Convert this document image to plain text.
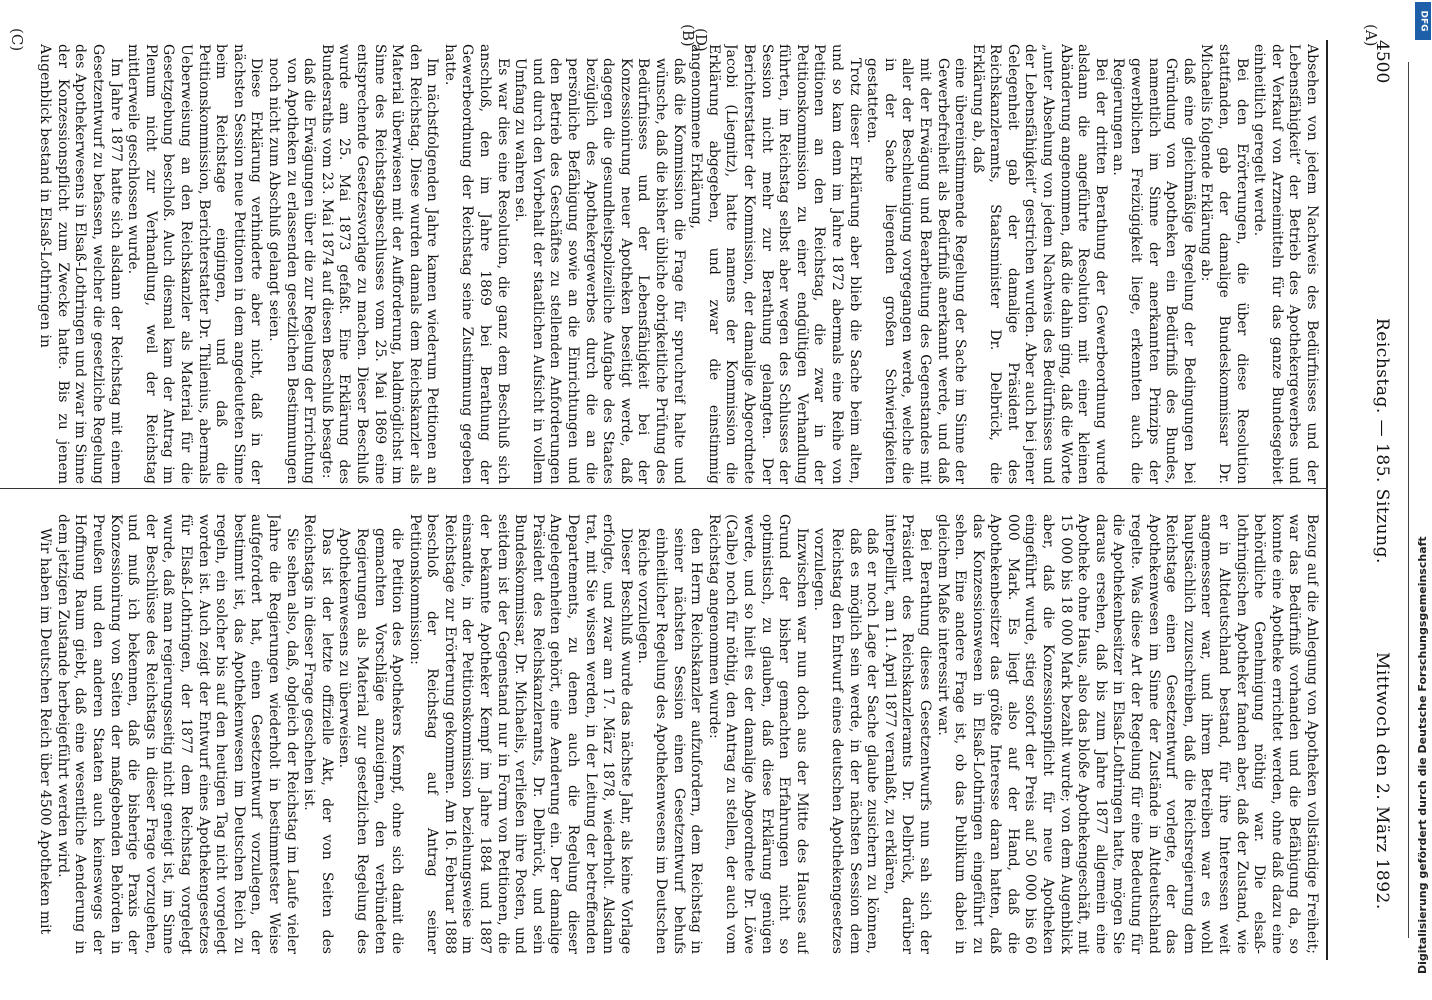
4500
Reichstag. — 185. Sitzung.
Mittwoch den 2. März 1892.
(A)
(B)
(C)	(D)

Absehen von jedem Nachweis des Bedürfnisses und der Lebensfähigkeit“ der Betrieb des Apothekergewerbes und der Verkauf von Arzneimitteln für das ganze Bundesgebiet einheitlich geregelt werde.

Bei den Erörterungen, die über diese Resolution stattfanden, gab der damalige Bundeskommissar Dr. Michaelis folgende Erklärung ab:

daß eine gleichmäßige Regelung der Bedingungen bei Gründung von Apotheken ein Bedürfniß des Bundes, namentlich im Sinne der anerkannten Prinzips der gewerblichen Freizügigkeit liege, erkennten auch die Regierungen an.

Bei der dritten Berathung der Gewerbeordnung wurde alsdann die angeführte Resolution mit einer kleinen Abänderung angenommen, daß die dahin ging, daß die Worte „unter Absehung von jedem Nachweis des Bedürfnisses und der Lebensfähigkeit“ gestrichen wurden. Aber auch bei jener Gelegenheit gab der damalige Präsident des Reichskanzleramts, Staatsminister Dr. Delbrück, die Erklärung ab, daß

eine übereinstimmende Regelung der Sache im Sinne der Gewerbefreiheit als Bedürfniß anerkannt werde, und daß mit der Erwägung und Bearbeitung des Gegenstandes mit aller der Beschleunigung vorgegangen werde, welche die in der Sache liegenden großen Schwierigkeiten gestatteten.

Trotz dieser Erklärung aber blieb die Sache beim alten, und so kam denn im Jahre 1872 abermals eine Reihe von Petitionen an den Reichstag, die zwar in der Petitionskommission zu einer endgültigen Verhandlung führten, im Reichstag selbst aber wegen des Schlusses der Session nicht mehr zur Berathung gelangten. Der Berichterstatter der Kommission, der damalige Abgeordnete Jacobi (Liegnitz), hatte namens der Kommission die Erklärung abgegeben, und zwar die einstimmig angenommene Erklärung,

daß die Kommission die Frage für spruchreif halte und wünsche, daß die bisher übliche obrigkeitliche Prüfung des Bedürfnisses und der Lebensfähigkeit bei der Konzessionirung neuer Apotheken beseitigt werde, daß dagegen die gesundheitspolizeiliche Aufgabe des Staates bezüglich des Apothekergewerbes durch die an die persönliche Befähigung sowie an die Einrichtungen und den Betrieb des Geschäftes zu stellenden Anforderungen und durch den Vorbehalt der staatlichen Aufsicht in vollem Umfang zu wahren sei.

Es war dies eine Resolution, die ganz dem Beschluß sich anschloß, den im Jahre 1869 bei Berathung der Gewerbeordnung der Reichstag seine Zustimmung gegeben hatte.

Im nächstfolgenden Jahre kamen wiederum Petitionen an den Reichstag. Diese wurden damals dem Reichskanzler als Material überwiesen mit der Aufforderung, baldmöglichst im Sinne des Reichstagsbeschlusses vom 25. Mai 1869 eine entsprechende Gesetzesvorlage zu machen. Dieser Beschluß wurde am 25. Mai 1873 gefaßt. Eine Erklärung des Bundesraths vom 23. Mai 1874 auf diesen Beschluß besagte:

daß die Erwägungen über die zur Regelung der Errichtung von Apotheken zu erlassenden gesetzlichen Bestimmungen noch nicht zum Abschluß gelangt seien.

Diese Erklärung verhinderte aber nicht, daß in der nächsten Session neue Petitionen in dem angedeuteten Sinne beim Reichstage eingingen, und daß die Petitionskommission, Berichterstatter Dr. Thilenius, abermals Ueberweisung an den Reichskanzler als Material für die Gesetzgebung beschloß. Auch diesmal kam der Antrag im Plenum nicht zur Verhandlung, weil der Reichstag mittlerweile geschlossen wurde.

Im Jahre 1877 hatte sich alsdann der Reichstag mit einem Gesetzentwurf zu befassen, welcher die gesetzliche Regelung des Apothekerwesens in Elsaß-Lothringen und zwar im Sinne der Konzessionspflicht zum Zwecke hatte. Bis zu jenem Augenblick bestand in Elsaß-Lothringen in

Bezug auf die Anlegung von Apotheken vollständige Freiheit; war das Bedürfniß vorhanden und die Befähigung da, so konnte eine Apotheke errichtet werden, ohne daß dazu eine behördliche Genehmigung nöthig war. Die elsaß-lothringischen Apotheker fanden aber, daß der Zustand, wie er in Altdeutschland bestand, für ihre Interessen weit angemessener war, und ihrem Betreiben war es wohl hauptsächlich zuzuschreiben, daß die Reichsregierung dem Reichstage einen Gesetzentwurf vorlegte, der das Apothekenwesen im Sinne der Zustände in Altdeutschland regelte. Was diese Art der Regelung für eine Bedeutung für die Apothekenbesitzer in Elsaß-Lothringen hatte, mögen Sie daraus ersehen, daß bis zum Jahre 1877 allgemein eine Apotheke ohne Haus, also das bloße Apothekengeschäft, mit 15 000 bis 18 000 Mark bezahlt wurde; von dem Augenblick aber, daß die Konzessionspflicht für neue Apotheken eingeführt wurde, stieg sofort der Preis auf 50 000 bis 60 000 Mark. Es liegt also auf der Hand, daß die Apothekenbesitzer das größte Interesse daran hatten, daß das Konzessionswesen in Elsaß-Lothringen eingeführt zu sehen. Eine andere Frage ist, ob das Publikum dabei in gleichem Maße interessirt war.

Bei Berathung dieses Gesetzentwurfs nun sah sich der Präsident des Reichskanzleramts Dr. Delbrück, darüber interpellirt, am 11. April 1877 veranlaßt, zu erklären,

daß er noch Lage der Sache glaube zusichern zu können, daß es möglich sein werde, in der nächsten Session dem Reichstag den Entwurf eines deutschen Apothekengesetzes vorzulegen.

Inzwischen war nun doch aus der Mitte des Hauses auf Grund der bisher gemachten Erfahrungen nicht so optimistisch, zu glauben, daß diese Erklärung genügen werde, und so hielt es der damalige Abgeordnete Dr. Löwe (Calbe) noch für nöthig, den Antrag zu stellen, der auch vom Reichstag angenommen wurde:

den Herrn Reichskanzler aufzufordern, dem Reichstag in seiner nächsten Session einen Gesetzentwurf behufs einheitlicher Regelung des Apothekenwesens im Deutschen Reiche vorzulegen.

Dieser Beschluß wurde das nächste Jahr, als keine Vorlage erfolgte, und zwar am 17. März 1878, wiederholt. Alsdann trat, mit Sie wissen werden, in der Leitung der betreffenden Departements, zu denen auch die Regelung dieser Angelegenheiten gehört, eine Aenderung ein. Der damalige Präsident des Reichskanzleramts, Dr. Delbrück, und sein Bundeskommissar, Dr. Michaelis, verließen ihre Posten, und seitdem ist der Gegenstand nur in Form von Petitionen, die der bekannte Apotheker Kempf im Jahre 1884 und 1887 einsandte, in der Petitionskommission beziehungsweise im Reichstage zur Erörterung gekommen. Am 16. Februar 1888 beschloß der Reichstag auf Antrag seiner Petitionskommission:

die Petition des Apothekers Kempf, ohne sich damit die gemachten Vorschläge anzueignen, den verbündeten Regierungen als Material zur gesetzlichen Regelung des Apothekenwesens zu überweisen.

Das ist der letzte offizielle Akt, der von Seiten des Reichstags in dieser Frage geschehen ist.

Sie sehen also, daß, obgleich der Reichstag im Laufe vieler Jahre die Regierungen wiederholt in bestimmtester Weise aufgefordert hat, einen Gesetzentwurf vorzulegen, der bestimmt ist, das Apothekenwesen im Deutschen Reich zu regeln, ein solcher bis auf den heutigen Tag nicht vorgelegt worden ist. Auch zeigt der Entwurf eines Apothekengesetzes für Elsaß-Lothringen, der 1877 dem Reichstag vorgelegt wurde, daß man regierungsseitig nicht geneigt ist, im Sinne der Beschlüsse des Reichstags in dieser Frage vorzugehen, und muß ich bekennen, daß die bisherige Praxis der Konzessionirung von Seiten der maßgebenden Behörden in Preußen und den anderen Staaten auch keineswegs der Hoffnung Raum giebt, daß eine wesentliche Aenderung in dem jetzigen Zustande herbeigeführt werden wird.

Wir haben im Deutschen Reich über 4500 Apotheken mit

DFG
Digitalisierung gefördert durch die Deutsche Forschungsgemeinschaft
